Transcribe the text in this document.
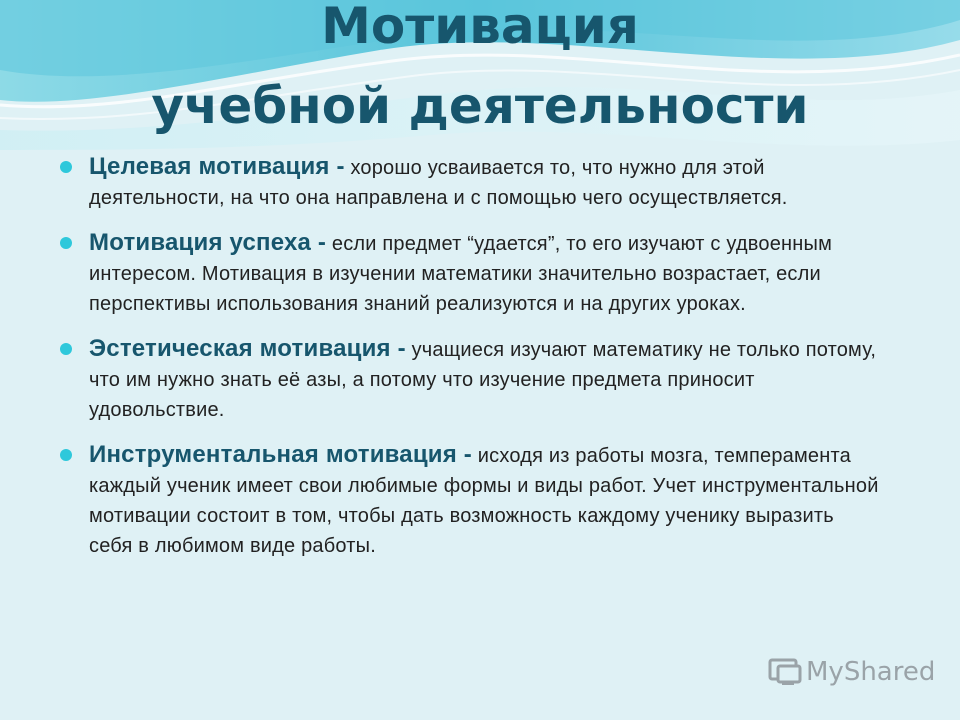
Мотивация
учебной деятельности
Целевая мотивация - хорошо усваивается то, что нужно для этой деятельности, на что она направлена и с помощью чего осуществляется.
Мотивация успеха - если предмет “удается”, то его изучают с удвоенным интересом. Мотивация в изучении математики значительно возрастает, если перспективы использования знаний реализуются и на других уроках.
Эстетическая мотивация - учащиеся изучают математику не только потому, что им нужно знать её азы, а потому что изучение предмета приносит удовольствие.
Инструментальная мотивация - исходя из работы мозга, темперамента каждый ученик имеет свои любимые формы и виды работ. Учет инструментальной мотивации состоит в том, чтобы дать возможность каждому ученику выразить себя в любимом виде работы.
MyShared
